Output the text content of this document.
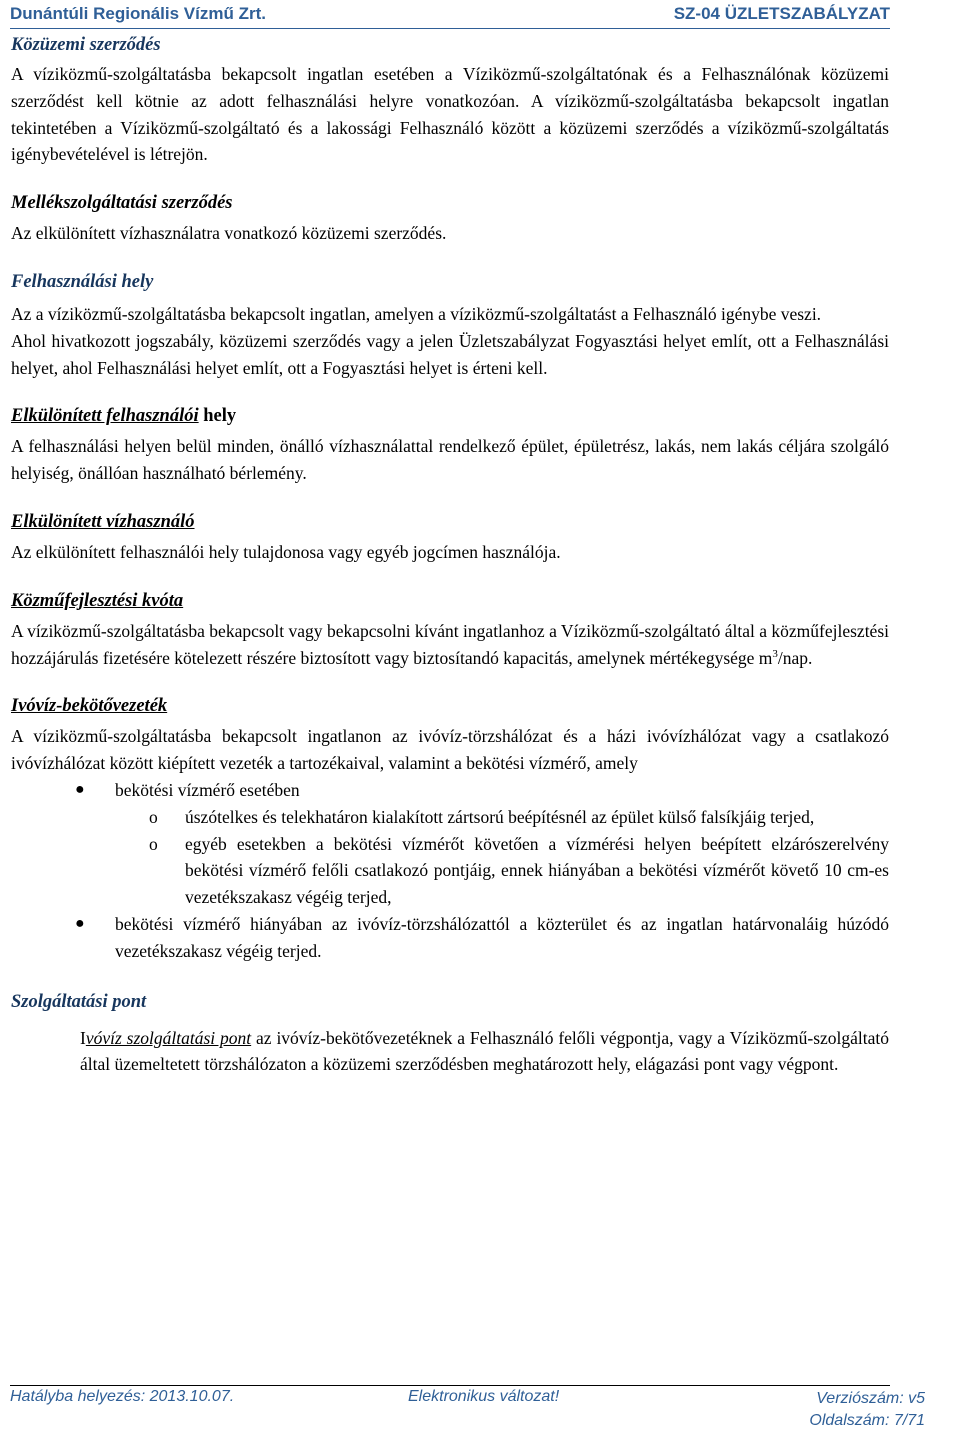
Dunántúli Regionális Vízmű Zrt.	SZ-04 ÜZLETSZABÁLYZAT
Közüzemi szerződés

A víziközmű-szolgáltatásba bekapcsolt ingatlan esetében a Víziközmű-szolgáltatónak és a Felhasználónak közüzemi szerződést kell kötnie az adott felhasználási helyre vonatkozóan. A víziközmű-szolgáltatásba bekapcsolt ingatlan tekintetében a Víziközmű-szolgáltató és a lakossági Felhasználó között a közüzemi szerződés a víziközmű-szolgáltatás igénybevételével is létrejön.

Mellékszolgáltatási szerződés

Az elkülönített vízhasználatra vonatkozó közüzemi szerződés.

Felhasználási hely

Az a víziközmű-szolgáltatásba bekapcsolt ingatlan, amelyen a víziközmű-szolgáltatást a Felhasználó igénybe veszi.

Ahol hivatkozott jogszabály, közüzemi szerződés vagy a jelen Üzletszabályzat Fogyasztási helyet említ, ott a Felhasználási helyet, ahol Felhasználási helyet említ, ott a Fogyasztási helyet is érteni kell.

Elkülönített felhasználói hely

A felhasználási helyen belül minden, önálló vízhasználattal rendelkező épület, épületrész, lakás, nem lakás céljára szolgáló helyiség, önállóan használható bérlemény.

Elkülönített vízhasználó

Az elkülönített felhasználói hely tulajdonosa vagy egyéb jogcímen használója.

Közműfejlesztési kvóta

A víziközmű-szolgáltatásba bekapcsolt vagy bekapcsolni kívánt ingatlanhoz a Víziközmű-szolgáltató által a közműfejlesztési hozzájárulás fizetésére kötelezett részére biztosított vagy biztosítandó kapacitás, amelynek mértékegysége $m^3$/nap.

Ivóvíz-bekötővezeték

A víziközmű-szolgáltatásba bekapcsolt ingatlanon az ivóvíz-törzshálózat és a házi ivóvízhálózat vagy a csatlakozó ivóvízhálózat között kiépített vezeték a tartozékaival, valamint a bekötési vízmérő, amely

● bekötési vízmérő esetében
o úszótelkes és telekhatáron kialakított zártsorú beépítésnél az épület külső falsíkjáig terjed,
o egyéb esetekben a bekötési vízmérőt követően a vízmérési helyen beépített elzárószerelvény bekötési vízmérő felőli csatlakozó pontjáig, ennek hiányában a bekötési vízmérőt követő 10 cm-es vezetékszakasz végéig terjed,
● bekötési vízmérő hiányában az ivóvíz-törzshálózattól a közterület és az ingatlan határvonaláig húzódó vezetékszakasz végéig terjed.
Szolgáltatási pont

Ivóvíz szolgáltatási pont az ivóvíz-bekötővezetéknek a Felhasználó felőli végpontja, vagy a Víziközmű-szolgáltató által üzemeltetett törzshálózaton a közüzemi szerződésben meghatározott hely, elágazási pont vagy végpont.

Hatályba helyezés: 2013.10.07.	Elektronikus változat!	Verziószám: v5
Oldalszám: 7/71
